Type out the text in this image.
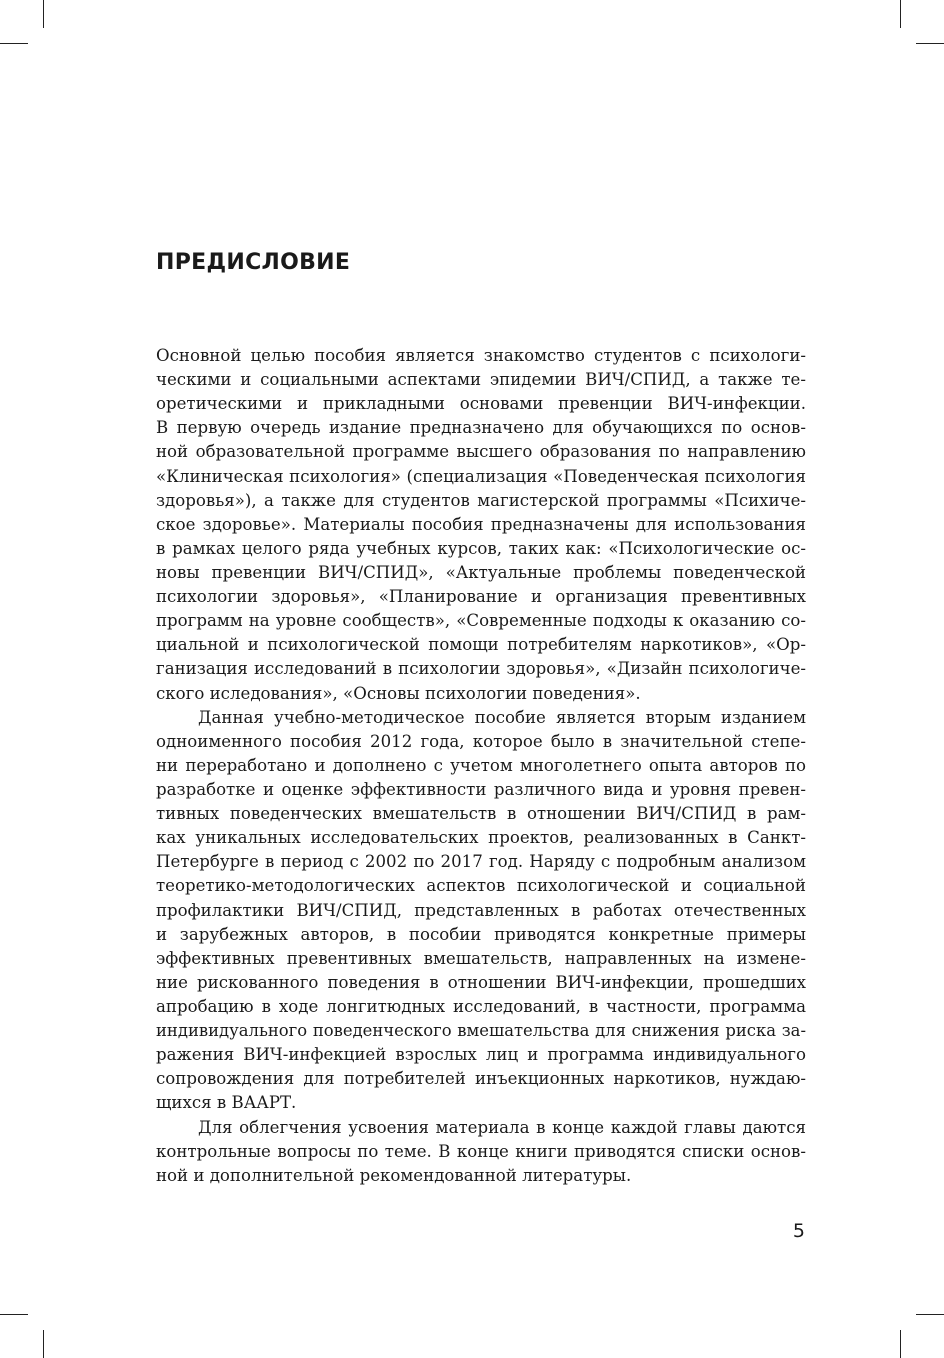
ПРЕДИСЛОВИЕ
Основной целью пособия является знакомство студентов с психологи-
ческими и социальными аспектами эпидемии ВИЧ/СПИД, а также те-
оретическими и прикладными основами превенции ВИЧ-инфекции.
В первую очередь издание предназначено для обучающихся по основ-
ной образовательной программе высшего образования по направлению
«Клиническая психология» (специализация «Поведенческая психология
здоровья»), а также для студентов магистерской программы «Психиче-
ское здоровье». Материалы пособия предназначены для использования
в рамках целого ряда учебных курсов, таких как: «Психологические ос-
новы превенции ВИЧ/СПИД», «Актуальные проблемы поведенческой
психологии здоровья», «Планирование и организация превентивных
программ на уровне сообществ», «Современные подходы к оказанию со-
циальной и психологической помощи потребителям наркотиков», «Ор-
ганизация исследований в психологии здоровья», «Дизайн психологиче-
ского иследования», «Основы психологии поведения».
Данная учебно-методическое пособие является вторым изданием
одноименного пособия 2012 года, которое было в значительной степе-
ни переработано и дополнено с учетом многолетнего опыта авторов по
разработке и оценке эффективности различного вида и уровня превен-
тивных поведенческих вмешательств в отношении ВИЧ/СПИД в рам-
ках уникальных исследовательских проектов, реализованных в Санкт-
Петербурге в период с 2002 по 2017 год. Наряду с подробным анализом
теоретико-методологических аспектов психологической и социальной
профилактики ВИЧ/СПИД, представленных в работах отечественных
и зарубежных авторов, в пособии приводятся конкретные примеры
эффективных превентивных вмешательств, направленных на измене-
ние рискованного поведения в отношении ВИЧ-инфекции, прошедших
апробацию в ходе лонгитюдных исследований, в частности, программа
индивидуального поведенческого вмешательства для снижения риска за-
ражения ВИЧ-инфекцией взрослых лиц и программа индивидуального
сопровождения для потребителей инъекционных наркотиков, нуждаю-
щихся в ВААРТ.
Для облегчения усвоения материала в конце каждой главы даются
контрольные вопросы по теме. В конце книги приводятся списки основ-
ной и дополнительной рекомендованной литературы.
5
